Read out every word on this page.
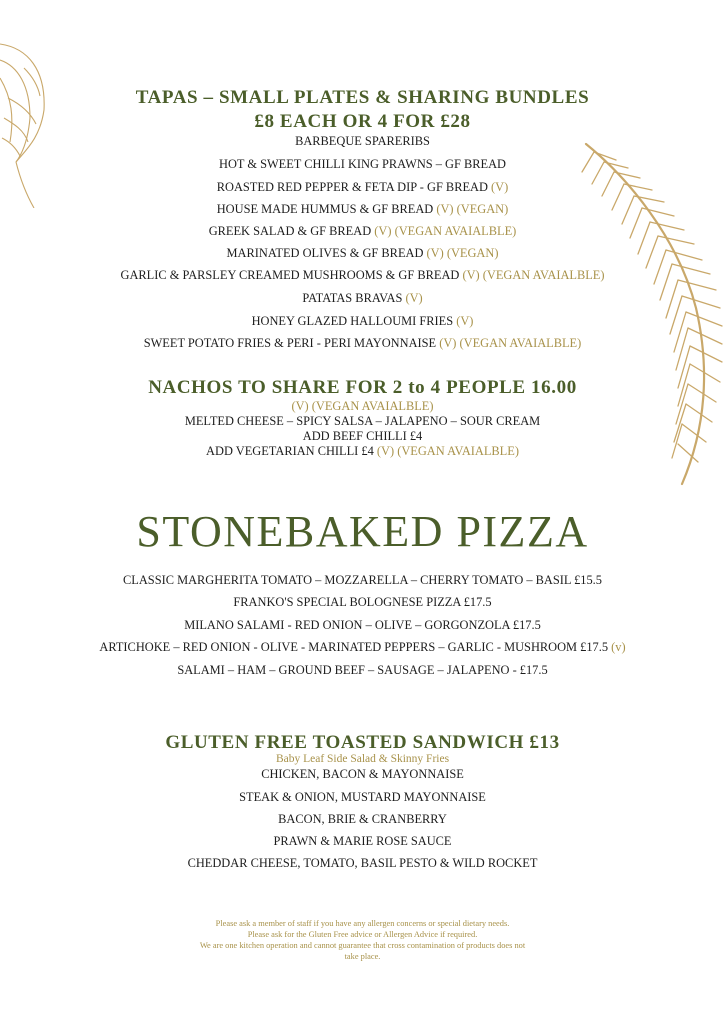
TAPAS – SMALL PLATES & SHARING BUNDLES
£8 EACH OR 4 FOR £28
BARBEQUE SPARERIBS
HOT & SWEET CHILLI KING PRAWNS – GF BREAD
ROASTED RED PEPPER & FETA DIP - GF BREAD (V)
HOUSE MADE HUMMUS & GF BREAD (V) (VEGAN)
GREEK SALAD & GF BREAD (V) (VEGAN AVAIALBLE)
MARINATED OLIVES & GF BREAD (V) (VEGAN)
GARLIC & PARSLEY CREAMED MUSHROOMS & GF BREAD (V) (VEGAN AVAIALBLE)
PATATAS BRAVAS (V)
HONEY GLAZED HALLOUMI FRIES (V)
SWEET POTATO FRIES & PERI - PERI MAYONNAISE (V) (VEGAN AVAIALBLE)
NACHOS TO SHARE FOR 2 to 4 PEOPLE 16.00
(V) (VEGAN AVAIALBLE)
MELTED CHEESE – SPICY SALSA – JALAPENO – SOUR CREAM
ADD BEEF CHILLI £4
ADD VEGETARIAN CHILLI £4 (V) (VEGAN AVAIALBLE)
STONEBAKED PIZZA
CLASSIC MARGHERITA TOMATO – MOZZARELLA – CHERRY TOMATO – BASIL £15.5
FRANKO'S SPECIAL BOLOGNESE PIZZA £17.5
MILANO SALAMI - RED ONION – OLIVE – GORGONZOLA £17.5
ARTICHOKE – RED ONION - OLIVE - MARINATED PEPPERS – GARLIC - MUSHROOM £17.5 (v)
SALAMI – HAM – GROUND BEEF – SAUSAGE – JALAPENO - £17.5
GLUTEN FREE TOASTED SANDWICH £13
Baby Leaf Side Salad & Skinny Fries
CHICKEN, BACON & MAYONNAISE
STEAK & ONION, MUSTARD MAYONNAISE
BACON, BRIE & CRANBERRY
PRAWN & MARIE ROSE SAUCE
CHEDDAR CHEESE, TOMATO, BASIL PESTO & WILD ROCKET
Please ask a member of staff if you have any allergen concerns or special dietary needs.
Please ask for the Gluten Free advice or Allergen Advice if required.
We are one kitchen operation and cannot guarantee that cross contamination of products does not
take place.
